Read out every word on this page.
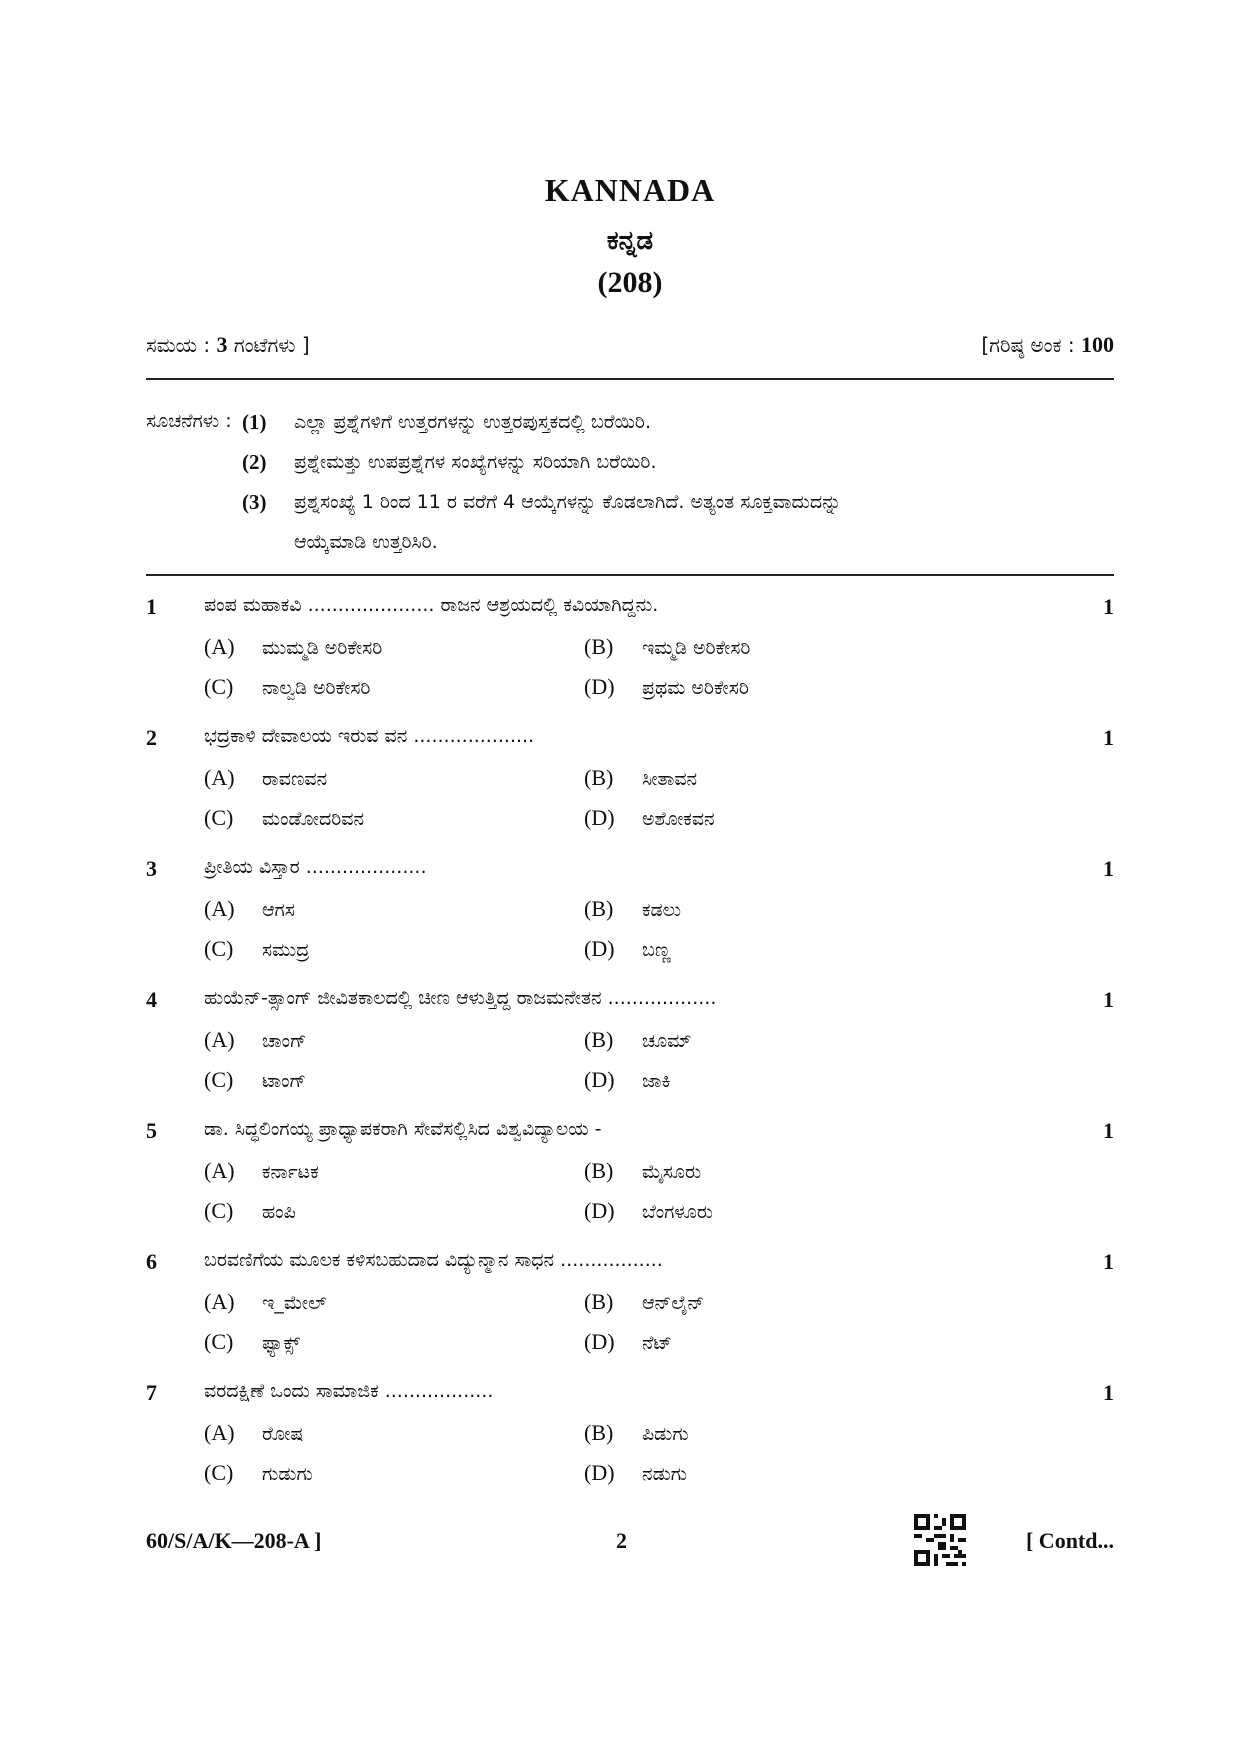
KANNADA
ಕನ್ನಡ
(208)
ಸಮಯ : 3 ಗಂಟೆಗಳು ]	[ಗರಿಷ್ಠ ಅಂಕ : 100
ಸೂಚನೆಗಳು : (1) ಎಲ್ಲಾ ಪ್ರಶ್ನೆಗಳಿಗೆ ಉತ್ತರಗಳನ್ನು ಉತ್ತರಪುಸ್ತಕದಲ್ಲಿ ಬರೆಯಿರಿ.
(2) ಪ್ರಶ್ನೇಮತ್ತು ಉಪಪ್ರಶ್ನೆಗಳ ಸಂಖ್ಯೆಗಳನ್ನು ಸರಿಯಾಗಿ ಬರೆಯಿರಿ.
(3) ಪ್ರಶ್ನಸಂಖ್ಯೆ 1 ರಿಂದ 11 ರ ವರೆಗೆ 4 ಆಯ್ಕೆಗಳನ್ನು ಕೊಡಲಾಗಿದೆ. ಅತ್ಯಂತ ಸೂಕ್ತವಾದುದನ್ನು
ಆಯ್ಕೆಮಾಡಿ ಉತ್ತರಿಸಿರಿ.
1 ಪಂಪ ಮಹಾಕವಿ ..................... ರಾಜನ ಆಶ್ರಯದಲ್ಲಿ ಕವಿಯಾಗಿದ್ದನು.	1
(A) ಮುಮ್ಮಡಿ ಅರಿಕೇಸರಿ	(B) ಇಮ್ಮಡಿ ಅರಿಕೇಸರಿ
(C) ನಾಲ್ವಡಿ ಅರಿಕೇಸರಿ	(D) ಪ್ರಥಮ ಅರಿಕೇಸರಿ
2 ಭದ್ರಕಾಳಿ ದೇವಾಲಯ ಇರುವ ವನ ....................	1
(A) ರಾವಣವನ	(B) ಸೀತಾವನ
(C) ಮಂಡೋದರಿವನ	(D) ಅಶೋಕವನ
3 ಪ್ರೀತಿಯ ವಿಸ್ತಾರ ....................	1
(A) ಆಗಸ	(B) ಕಡಲು
(C) ಸಮುದ್ರ	(D) ಬಣ್ಣ
4 ಹುಯೆನ್-ತ್ಸಾಂಗ್ ಜೀವಿತಕಾಲದಲ್ಲಿ ಚೀಣ ಆಳುತ್ತಿದ್ದ ರಾಜಮನೇತನ ..................	1
(A) ಚಾಂಗ್	(B) ಚೂಮ್
(C) ಟಾಂಗ್	(D) ಜಾಕಿ
5 ಡಾ. ಸಿದ್ಧಲಿಂಗಯ್ಯ ಪ್ರಾಧ್ಯಾಪಕರಾಗಿ ಸೇವೆಸಲ್ಲಿಸಿದ ವಿಶ್ವವಿದ್ಯಾಲಯ -	1
(A) ಕರ್ನಾಟಕ	(B) ಮೈಸೂರು
(C) ಹಂಪಿ	(D) ಬೆಂಗಳೂರು
6 ಬರವಣಿಗೆಯ ಮೂಲಕ ಕಳಿಸಬಹುದಾದ ವಿದ್ಯುನ್ಮಾನ ಸಾಧನ .................	1
(A) ಇ_ಮೇಲ್	(B) ಆನ್‌ಲೈನ್
(C) ಫ್ಯಾಕ್ಸ್	(D) ನೆಟ್
7 ವರದಕ್ಷಿಣೆ ಒಂದು ಸಾಮಾಜಿಕ ..................	1
(A) ರೋಷ	(B) ಪಿಡುಗು
(C) ಗುಡುಗು	(D) ನಡುಗು
60/S/A/K—208-A ]	2	[ Contd...
